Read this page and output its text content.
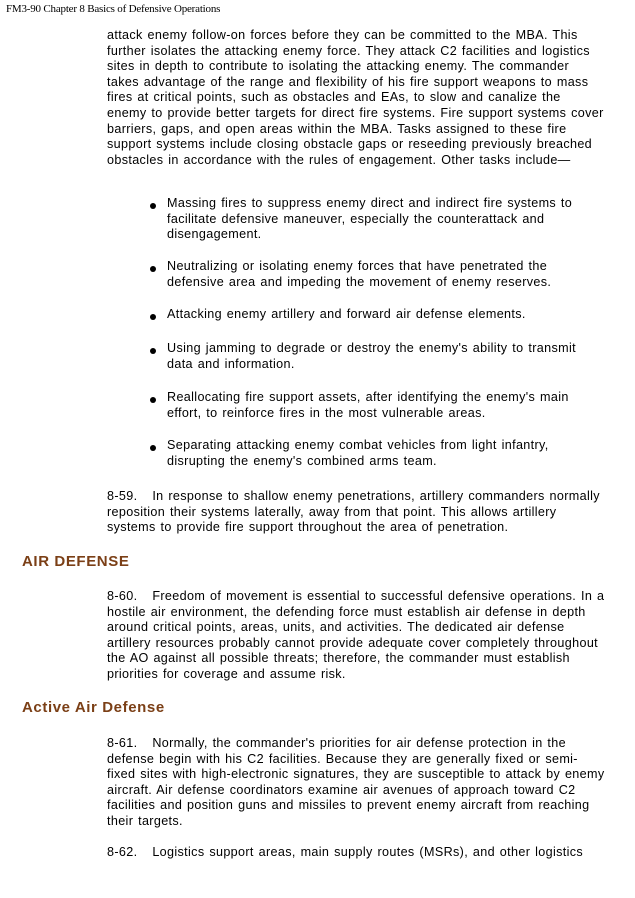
FM3-90 Chapter 8 Basics of Defensive Operations
attack enemy follow-on forces before they can be committed to the MBA. This further isolates the attacking enemy force. They attack C2 facilities and logistics sites in depth to contribute to isolating the attacking enemy. The commander takes advantage of the range and flexibility of his fire support weapons to mass fires at critical points, such as obstacles and EAs, to slow and canalize the enemy to provide better targets for direct fire systems. Fire support systems cover barriers, gaps, and open areas within the MBA. Tasks assigned to these fire support systems include closing obstacle gaps or reseeding previously breached obstacles in accordance with the rules of engagement. Other tasks include—
Massing fires to suppress enemy direct and indirect fire systems to facilitate defensive maneuver, especially the counterattack and disengagement.
Neutralizing or isolating enemy forces that have penetrated the defensive area and impeding the movement of enemy reserves.
Attacking enemy artillery and forward air defense elements.
Using jamming to degrade or destroy the enemy's ability to transmit data and information.
Reallocating fire support assets, after identifying the enemy's main effort, to reinforce fires in the most vulnerable areas.
Separating attacking enemy combat vehicles from light infantry, disrupting the enemy's combined arms team.
8-59. In response to shallow enemy penetrations, artillery commanders normally reposition their systems laterally, away from that point. This allows artillery systems to provide fire support throughout the area of penetration.
AIR DEFENSE
8-60. Freedom of movement is essential to successful defensive operations. In a hostile air environment, the defending force must establish air defense in depth around critical points, areas, units, and activities. The dedicated air defense artillery resources probably cannot provide adequate cover completely throughout the AO against all possible threats; therefore, the commander must establish priorities for coverage and assume risk.
Active Air Defense
8-61. Normally, the commander's priorities for air defense protection in the defense begin with his C2 facilities. Because they are generally fixed or semi-fixed sites with high-electronic signatures, they are susceptible to attack by enemy aircraft. Air defense coordinators examine air avenues of approach toward C2 facilities and position guns and missiles to prevent enemy aircraft from reaching their targets.
8-62. Logistics support areas, main supply routes (MSRs), and other logistics
